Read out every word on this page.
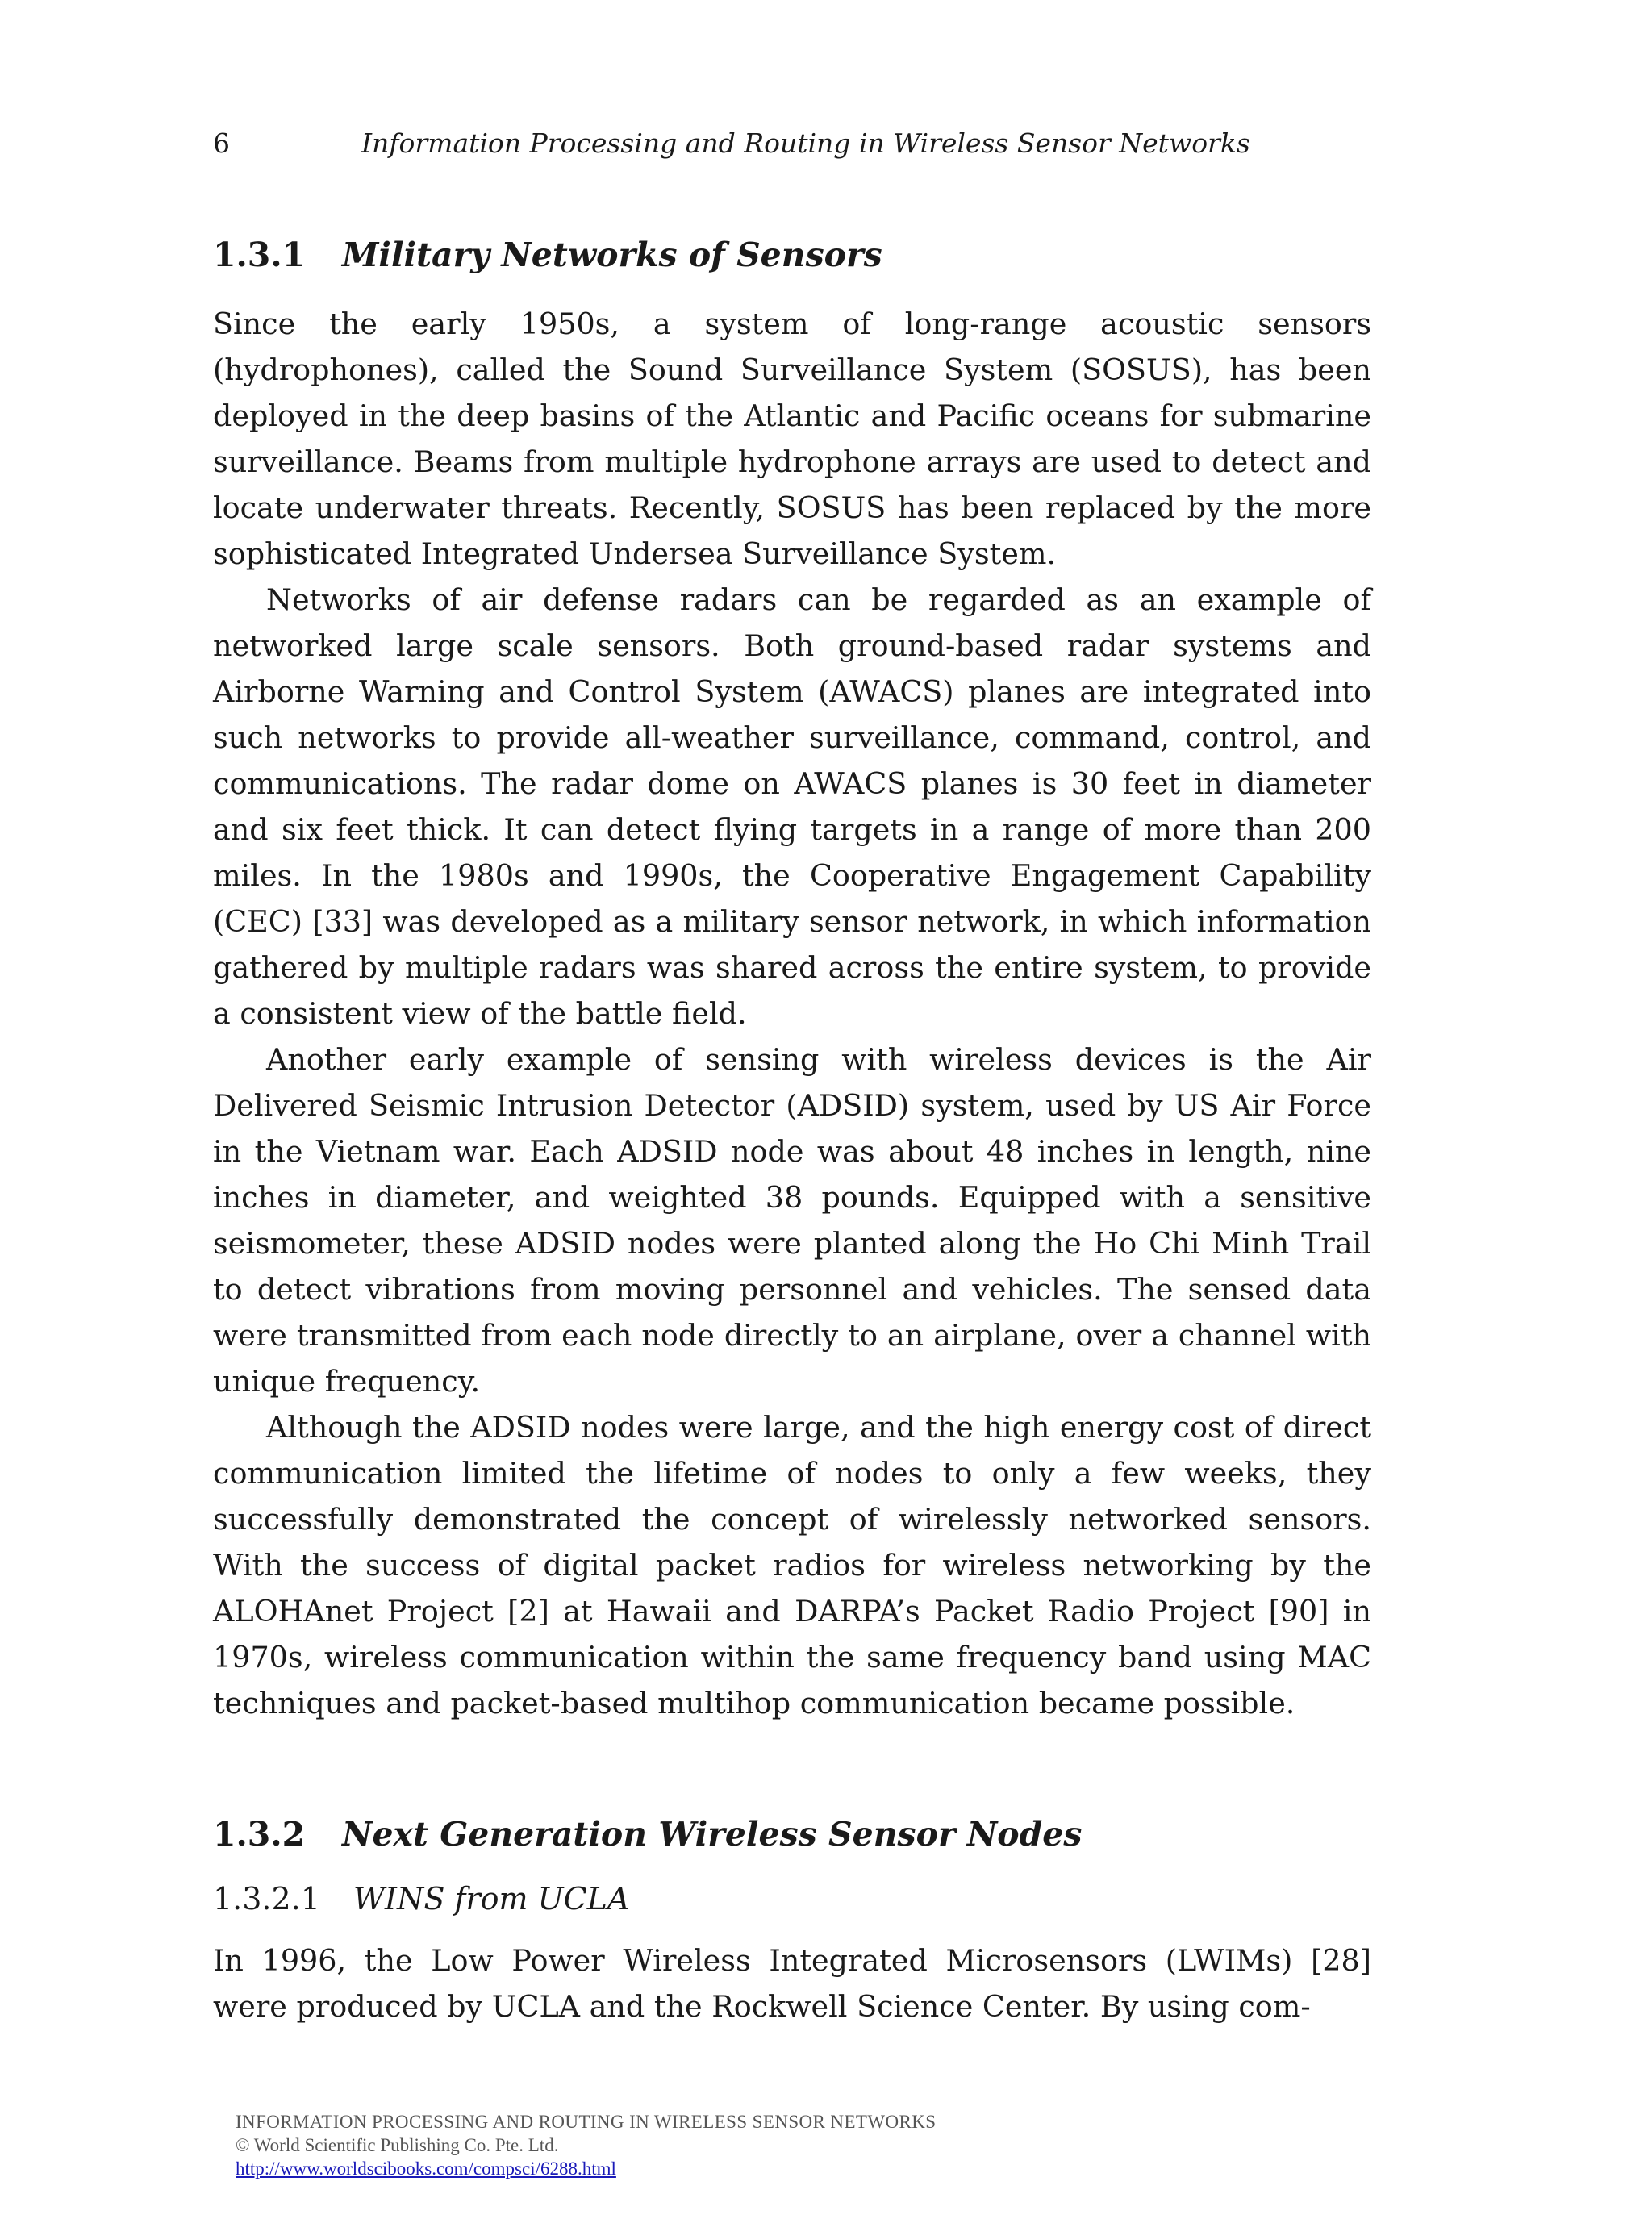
6	Information Processing and Routing in Wireless Sensor Networks
1.3.1 Military Networks of Sensors

Since the early 1950s, a system of long-range acoustic sensors (hydrophones), called the Sound Surveillance System (SOSUS), has been deployed in the deep basins of the Atlantic and Pacific oceans for submarine surveillance. Beams from multiple hydrophone arrays are used to detect and locate underwater threats. Recently, SOSUS has been replaced by the more sophisticated Integrated Undersea Surveillance System.

Networks of air defense radars can be regarded as an example of networked large scale sensors. Both ground-based radar systems and Airborne Warning and Control System (AWACS) planes are integrated into such networks to provide all-weather surveillance, command, control, and communications. The radar dome on AWACS planes is 30 feet in diameter and six feet thick. It can detect flying targets in a range of more than 200 miles. In the 1980s and 1990s, the Cooperative Engagement Capability (CEC) [33] was developed as a military sensor network, in which information gathered by multiple radars was shared across the entire system, to provide a consistent view of the battle field.

Another early example of sensing with wireless devices is the Air Delivered Seismic Intrusion Detector (ADSID) system, used by US Air Force in the Vietnam war. Each ADSID node was about 48 inches in length, nine inches in diameter, and weighted 38 pounds. Equipped with a sensitive seismometer, these ADSID nodes were planted along the Ho Chi Minh Trail to detect vibrations from moving personnel and vehicles. The sensed data were transmitted from each node directly to an airplane, over a channel with unique frequency.

Although the ADSID nodes were large, and the high energy cost of direct communication limited the lifetime of nodes to only a few weeks, they successfully demonstrated the concept of wirelessly networked sensors. With the success of digital packet radios for wireless networking by the ALOHAnet Project [2] at Hawaii and DARPA’s Packet Radio Project [90] in 1970s, wireless communication within the same frequency band using MAC techniques and packet-based multihop communication became possible.

1.3.2 Next Generation Wireless Sensor Nodes
1.3.2.1 WINS from UCLA

In 1996, the Low Power Wireless Integrated Microsensors (LWIMs) [28] were produced by UCLA and the Rockwell Science Center. By using com-

INFORMATION PROCESSING AND ROUTING IN WIRELESS SENSOR NETWORKS
© World Scientific Publishing Co. Pte. Ltd.
http://www.worldscibooks.com/compsci/6288.html
